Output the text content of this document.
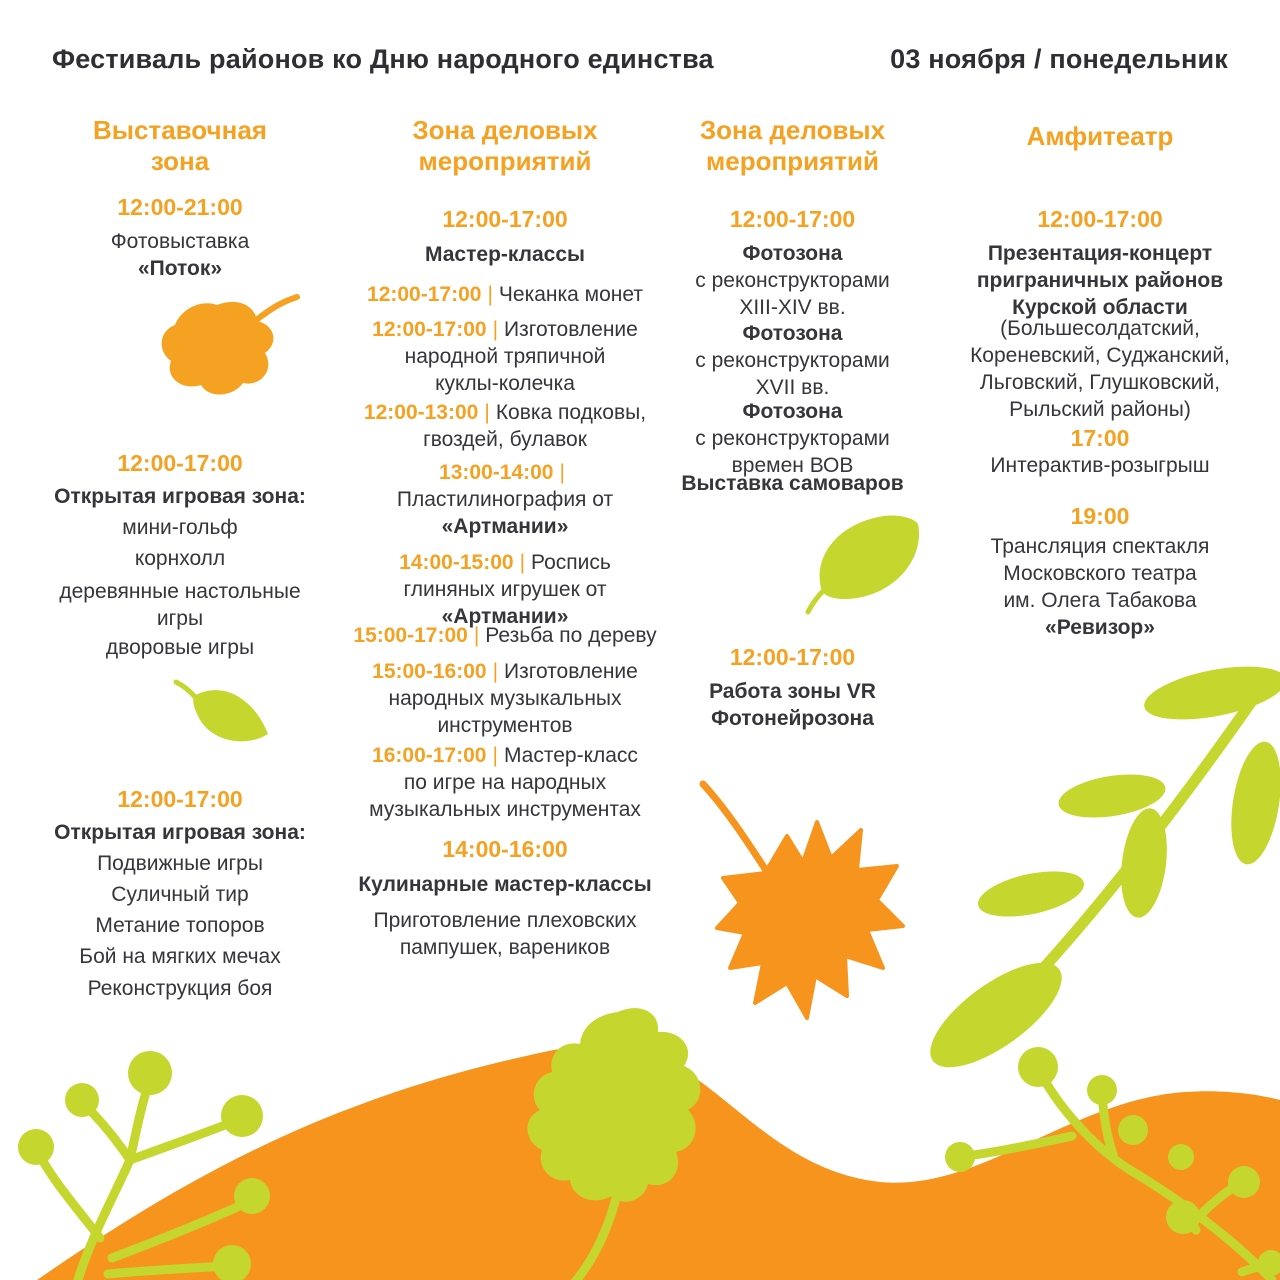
Фестиваль районов ко Дню народного единства	03 ноября / понедельник
Выставочная
зона
12:00-21:00
Фотовыставка
«Поток»
12:00-17:00
Открытая игровая зона:
мини-гольф
корнхолл
деревянные настольные игры
дворовые игры
12:00-17:00
Открытая игровая зона:
Подвижные игры
Суличный тир
Метание топоров
Бой на мягких мечах
Реконструкция боя
Зона деловых
мероприятий
12:00-17:00
Мастер-классы
12:00-17:00 | Чеканка монет
12:00-17:00 | Изготовление
народной тряпичной
куклы-колечка
12:00-13:00 | Ковка подковы,
гвоздей, булавок
13:00-14:00 |
Пластилинография от
«Артмании»
14:00-15:00 | Роспись
глиняных игрушек от
«Артмании»
15:00-17:00 | Резьба по дереву
15:00-16:00 | Изготовление
народных музыкальных
инструментов
16:00-17:00 | Мастер-класс
по игре на народных
музыкальных инструментах
14:00-16:00
Кулинарные мастер-классы
Приготовление плеховских
пампушек, вареников
Зона деловых
мероприятий
12:00-17:00
Фотозона
с реконструкторами
XIII-XIV вв.
Фотозона
с реконструкторами
XVII вв.
Фотозона
с реконструкторами
времен ВОВ
Выставка самоваров
12:00-17:00
Работа зоны VR
Фотонейрозона
Амфитеатр
12:00-17:00
Презентация-концерт
приграничных районов
Курской области
(Большесолдатский,
Кореневский, Суджанский,
Льговский, Глушковский,
Рыльский районы)
17:00
Интерактив-розыгрыш
19:00
Трансляция спектакля
Московского театра
им. Олега Табакова
«Ревизор»
